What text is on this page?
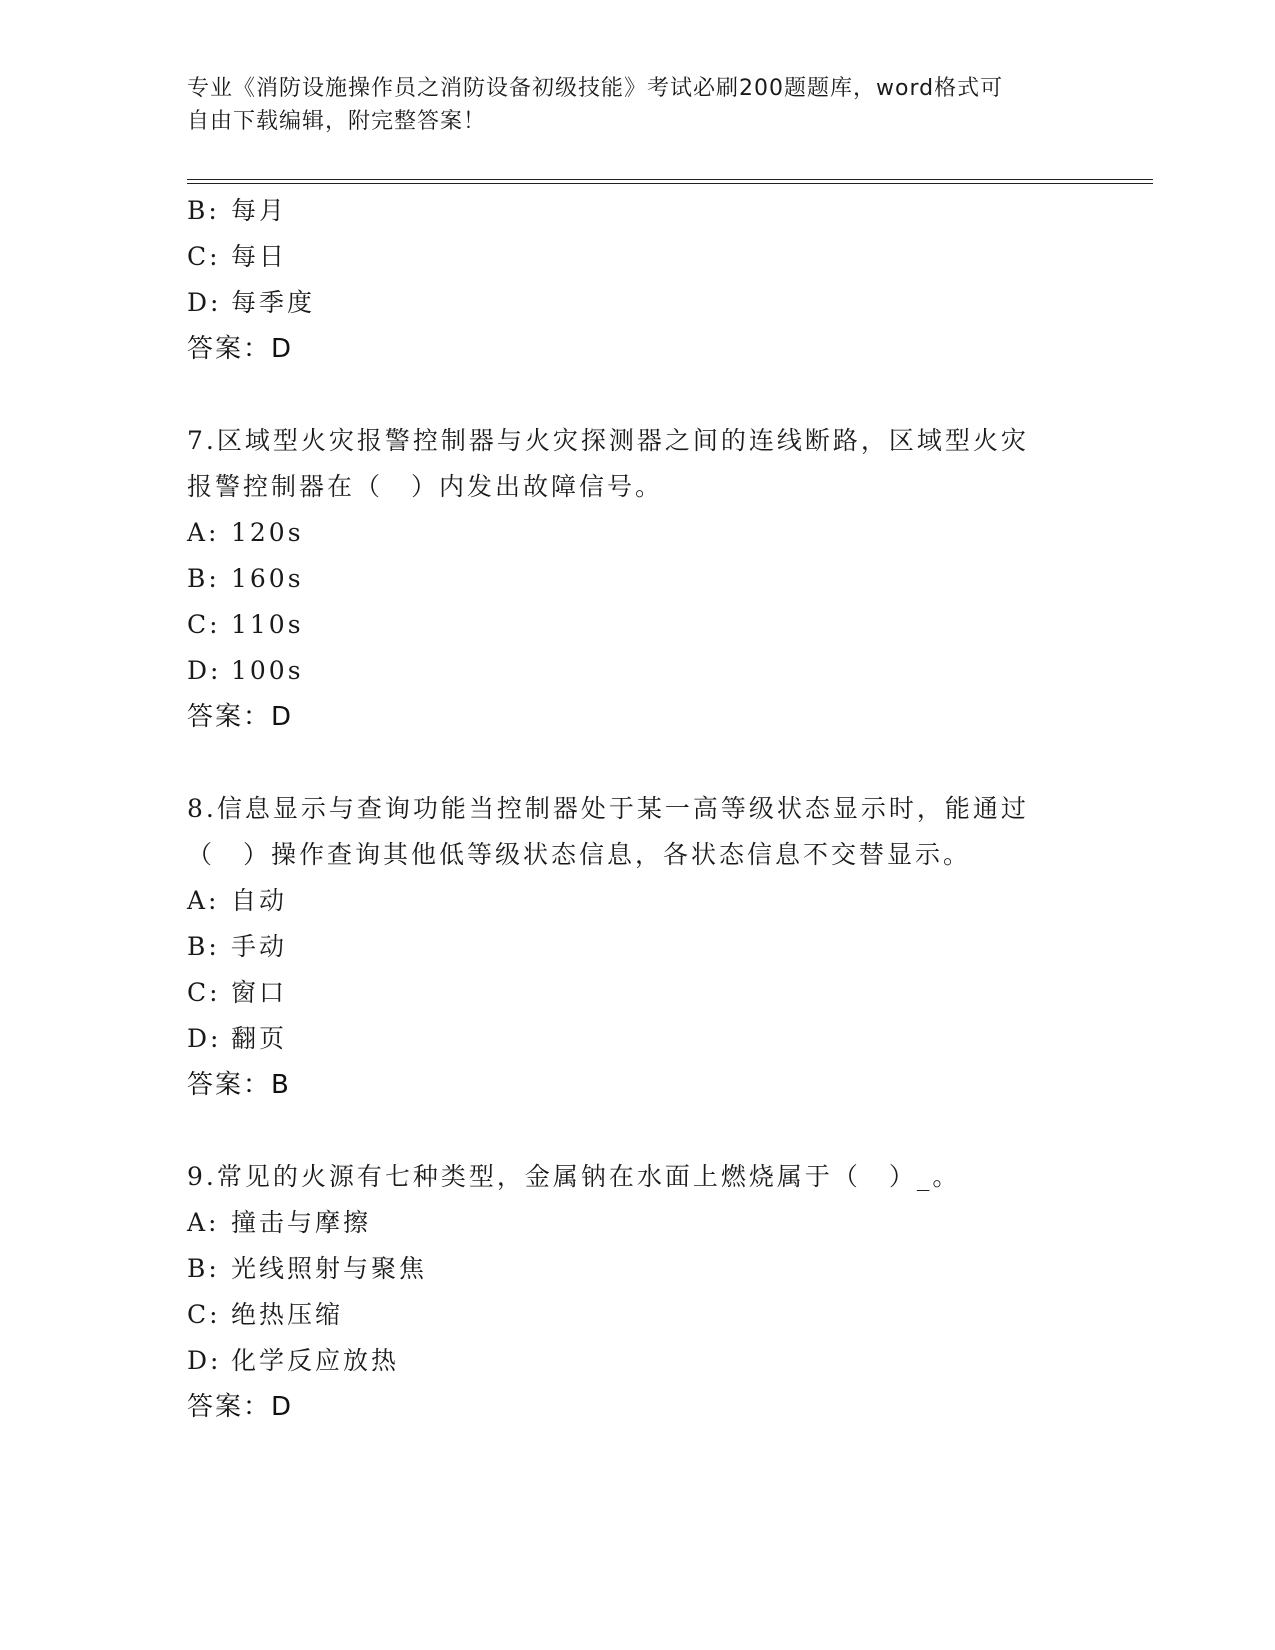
专业《消防设施操作员之消防设备初级技能》考试必刷200题题库，word格式可
自由下载编辑，附完整答案！
B: 每月
C: 每日
D: 每季度
答案：D
7.区域型火灾报警控制器与火灾探测器之间的连线断路，区域型火灾
报警控制器在（　）内发出故障信号。
A: 120s
B: 160s
C: 110s
D: 100s
答案：D
8.信息显示与查询功能当控制器处于某一高等级状态显示时，能通过
（　）操作查询其他低等级状态信息，各状态信息不交替显示。
A: 自动
B: 手动
C: 窗口
D: 翻页
答案：B
9.常见的火源有七种类型，金属钠在水面上燃烧属于（　）_。
A: 撞击与摩擦
B: 光线照射与聚焦
C: 绝热压缩
D: 化学反应放热
答案：D
